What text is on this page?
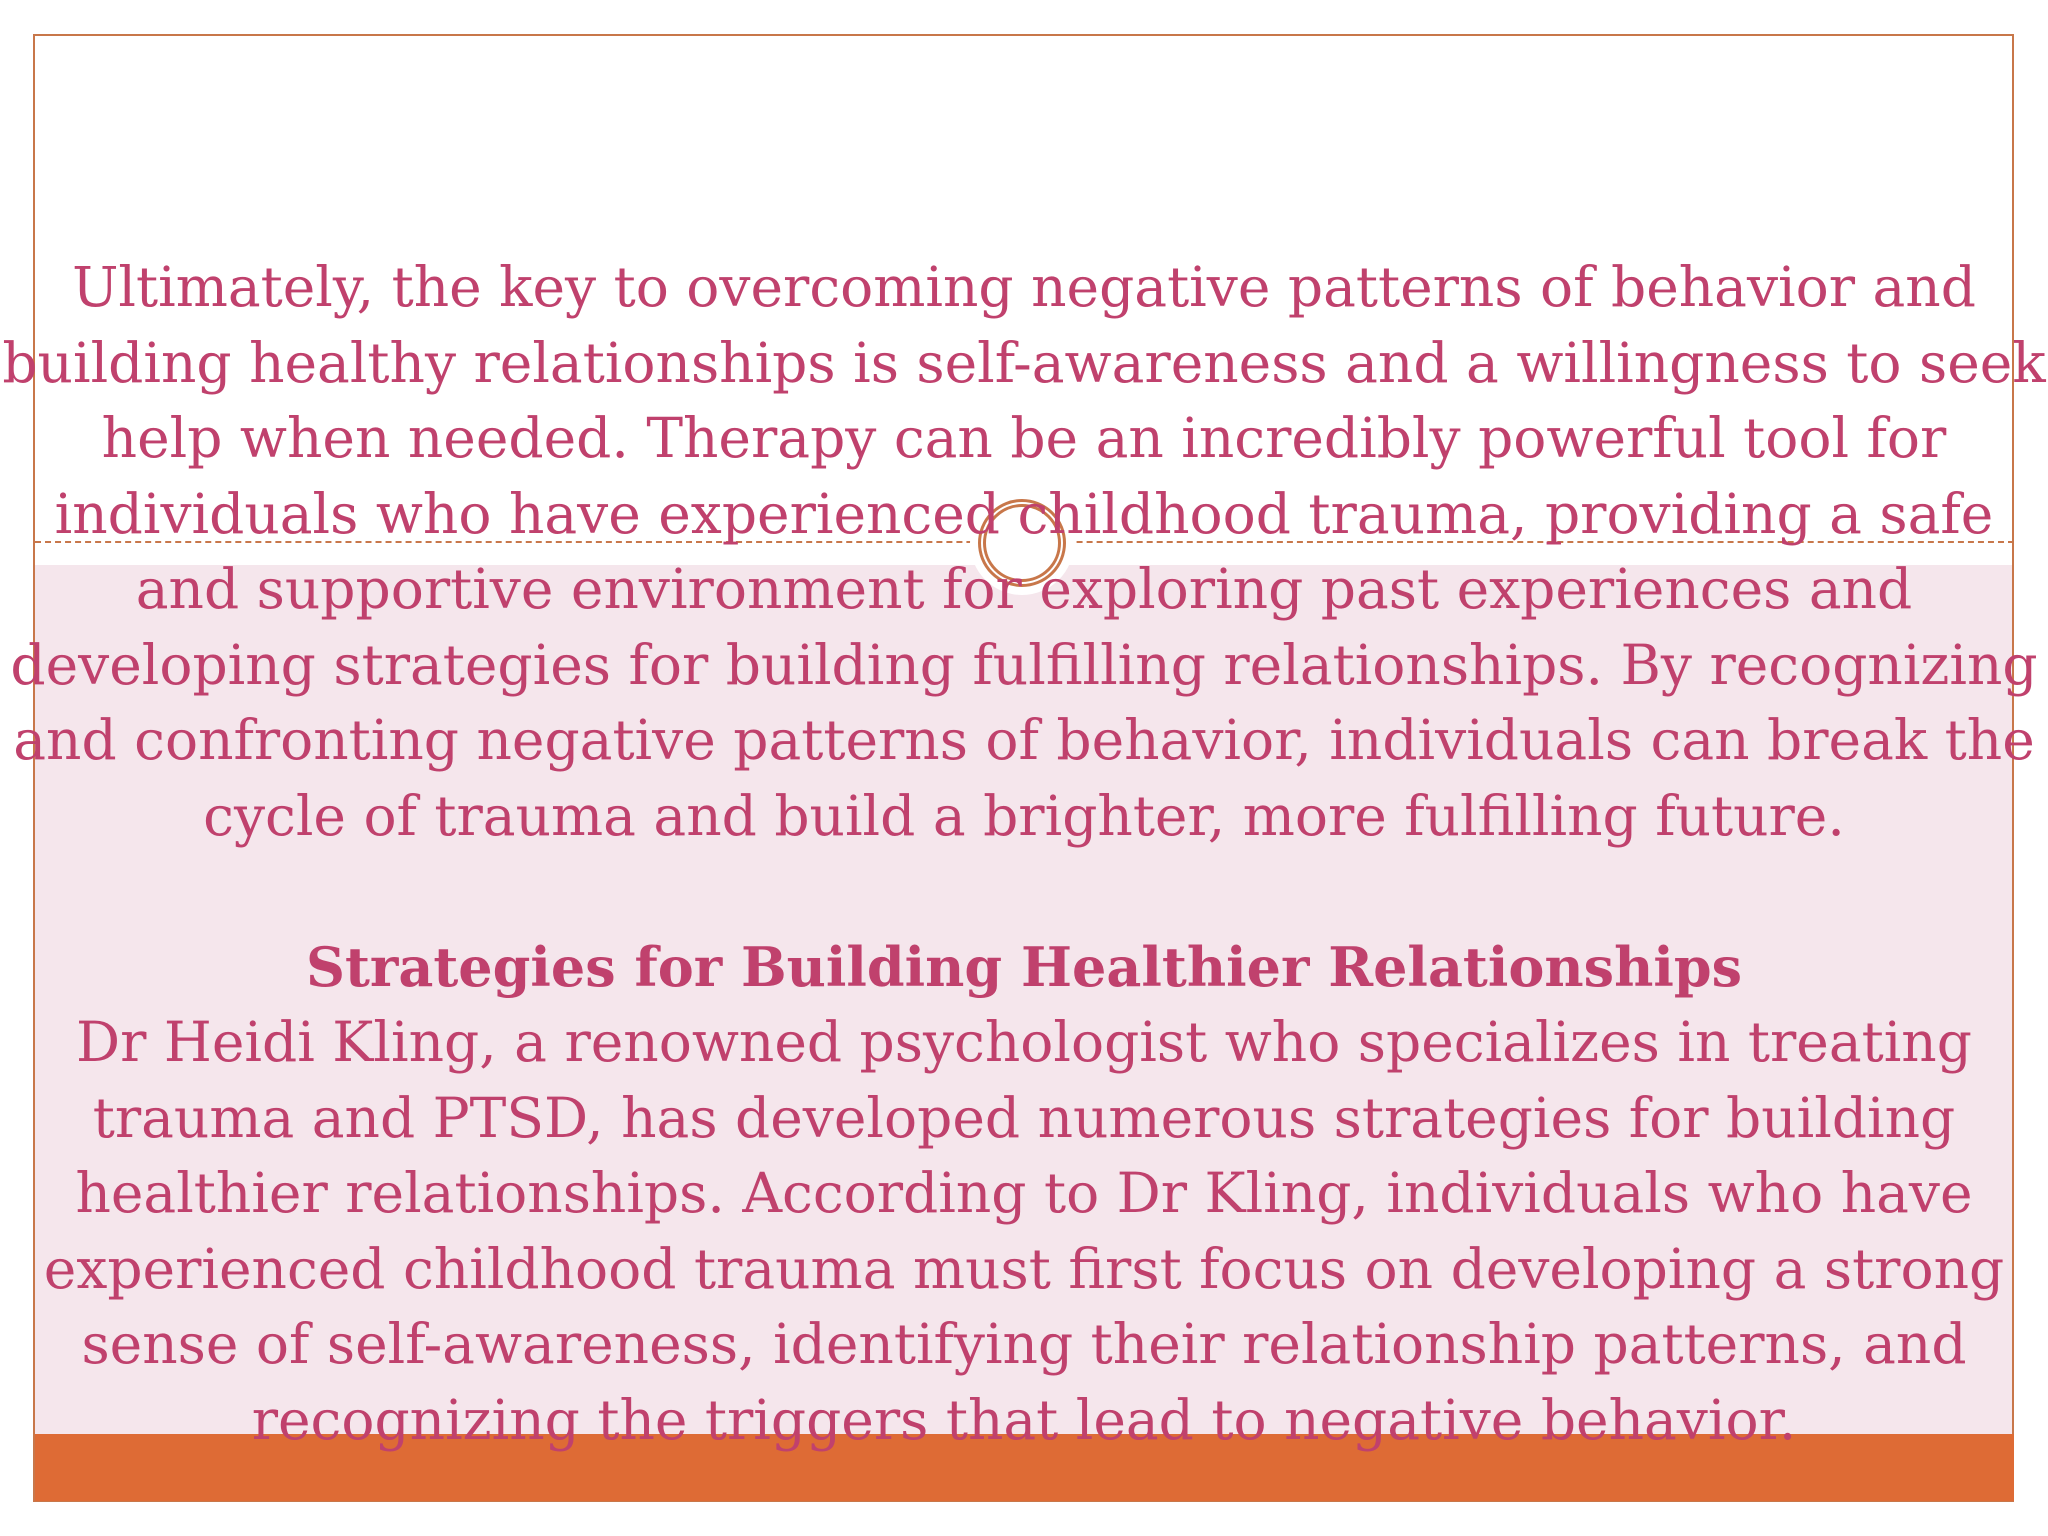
Ultimately, the key to overcoming negative patterns of behavior and
building healthy relationships is self-awareness and a willingness to seek
help when needed. Therapy can be an incredibly powerful tool for
individuals who have experienced childhood trauma, providing a safe
and supportive environment for exploring past experiences and
developing strategies for building fulfilling relationships. By recognizing
and confronting negative patterns of behavior, individuals can break the
cycle of trauma and build a brighter, more fulfilling future.
Strategies for Building Healthier Relationships
Dr Heidi Kling, a renowned psychologist who specializes in treating
trauma and PTSD, has developed numerous strategies for building
healthier relationships. According to Dr Kling, individuals who have
experienced childhood trauma must first focus on developing a strong
sense of self-awareness, identifying their relationship patterns, and
recognizing the triggers that lead to negative behavior.
